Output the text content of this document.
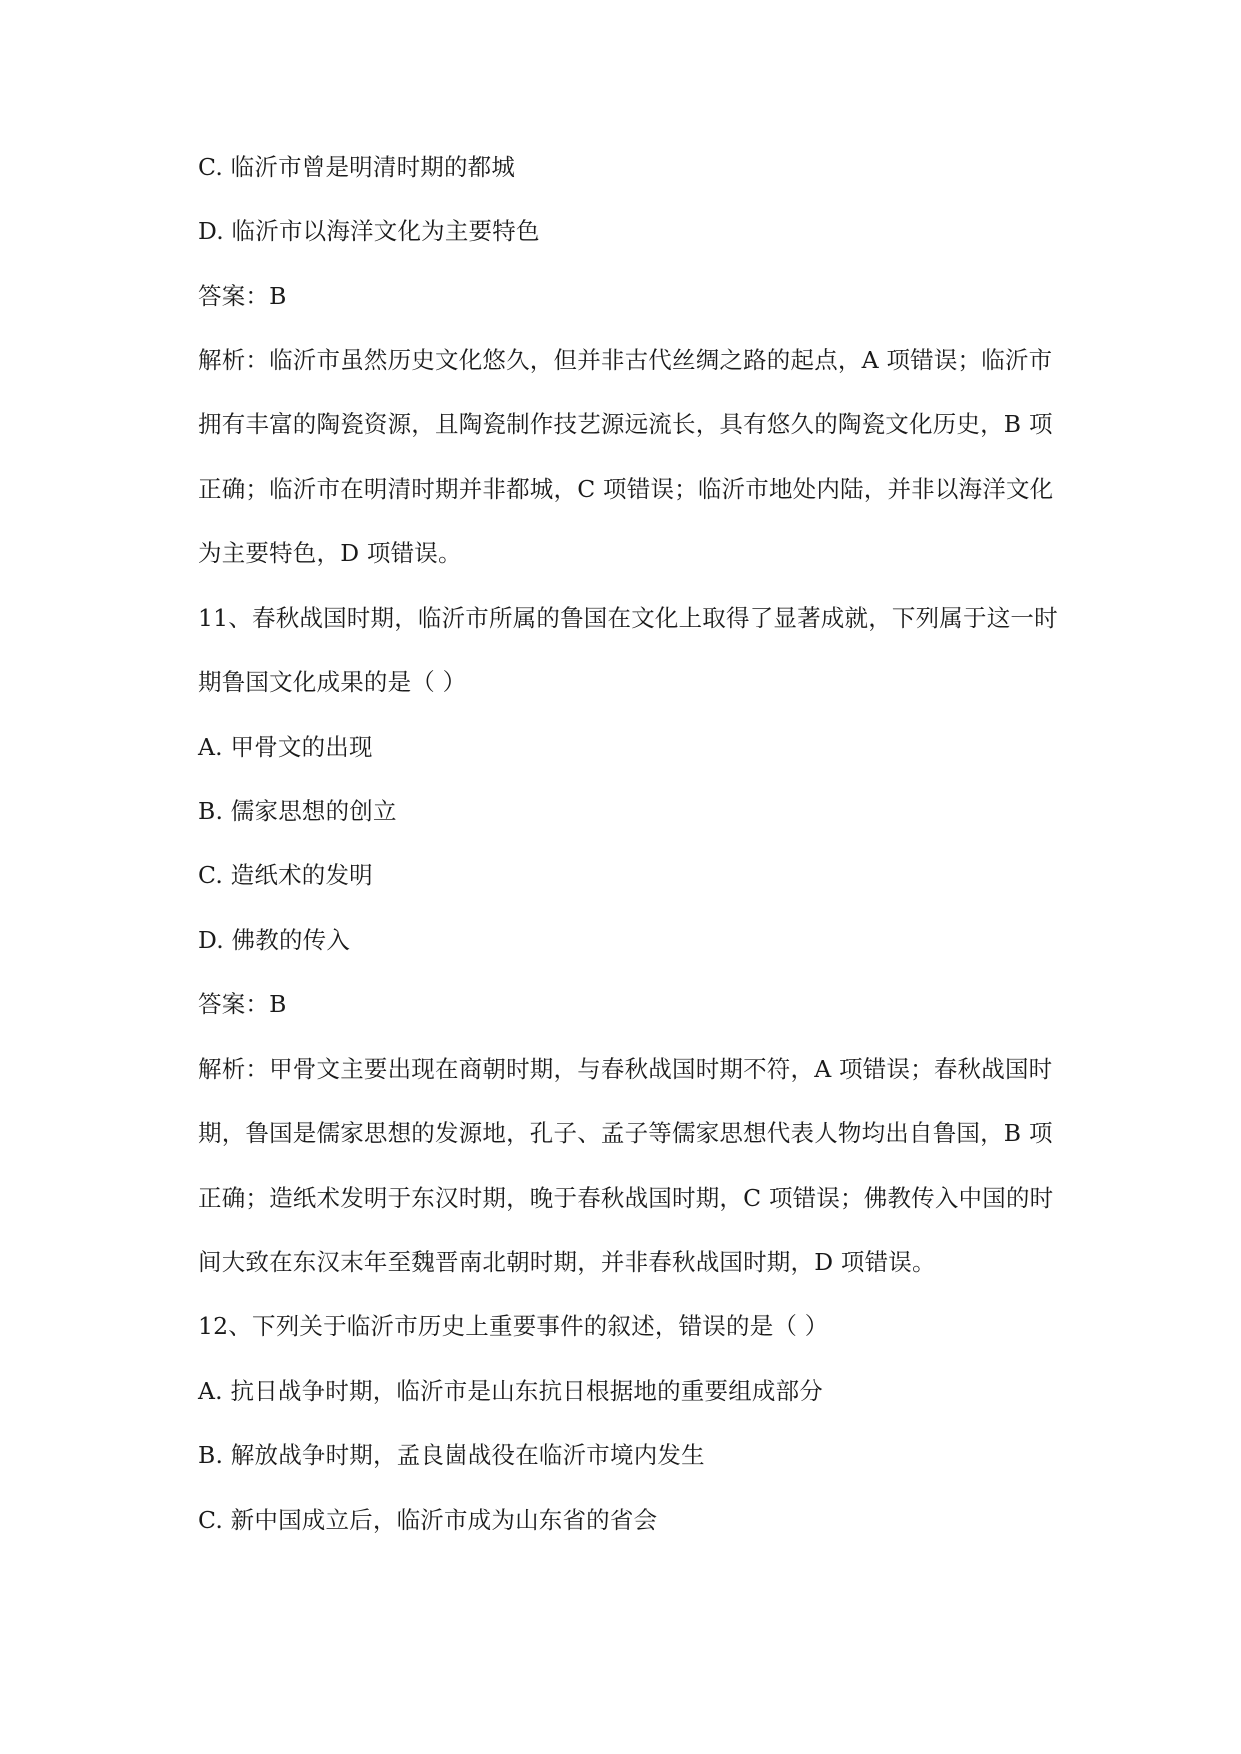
C. 临沂市曾是明清时期的都城
D. 临沂市以海洋文化为主要特色
答案：B
解析：临沂市虽然历史文化悠久，但并非古代丝绸之路的起点，A 项错误；临沂市
拥有丰富的陶瓷资源，且陶瓷制作技艺源远流长，具有悠久的陶瓷文化历史，B 项
正确；临沂市在明清时期并非都城，C 项错误；临沂市地处内陆，并非以海洋文化
为主要特色，D 项错误。
11、春秋战国时期，临沂市所属的鲁国在文化上取得了显著成就，下列属于这一时
期鲁国文化成果的是（ ）
A. 甲骨文的出现
B. 儒家思想的创立
C. 造纸术的发明
D. 佛教的传入
答案：B
解析：甲骨文主要出现在商朝时期，与春秋战国时期不符，A 项错误；春秋战国时
期，鲁国是儒家思想的发源地，孔子、孟子等儒家思想代表人物均出自鲁国，B 项
正确；造纸术发明于东汉时期，晚于春秋战国时期，C 项错误；佛教传入中国的时
间大致在东汉末年至魏晋南北朝时期，并非春秋战国时期，D 项错误。
12、下列关于临沂市历史上重要事件的叙述，错误的是（ ）
A. 抗日战争时期，临沂市是山东抗日根据地的重要组成部分
B. 解放战争时期，孟良崮战役在临沂市境内发生
C. 新中国成立后，临沂市成为山东省的省会
